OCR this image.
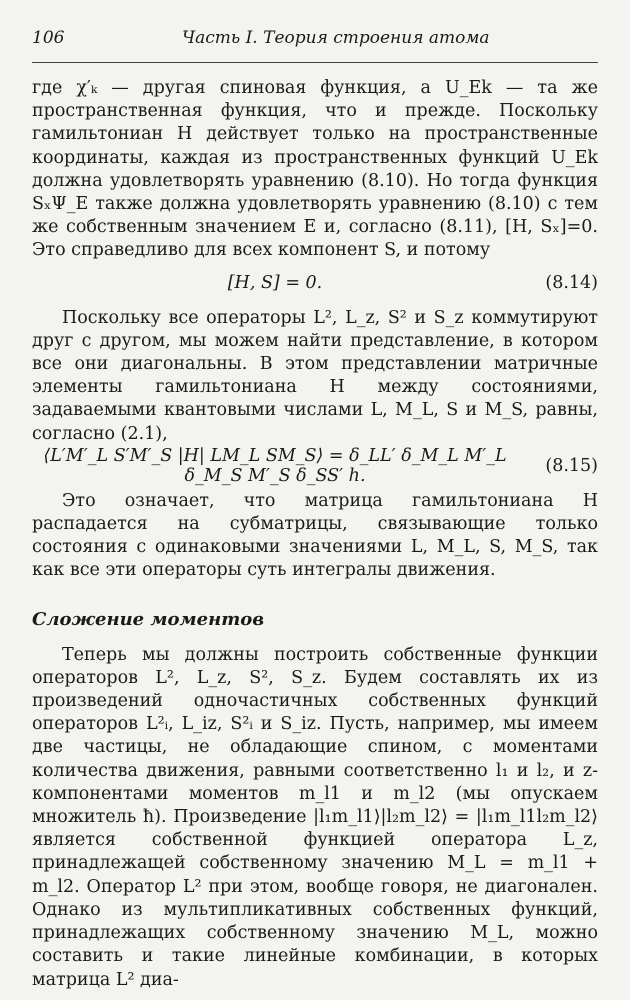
106	Часть I. Теория строения атома

где χ′ₖ — другая спиновая функция, а U_Ek — та же пространственная функция, что и прежде. Поскольку гамильтониан H действует только на пространственные координаты, каждая из пространственных функций U_Ek должна удовлетворять уравнению (8.10). Но тогда функция SₓΨ_E также должна удовлетворять уравнению (8.10) с тем же собственным значением E и, согласно (8.11), [H, Sₓ]=0. Это справедливо для всех компонент S, и потому

[H, S] = 0.	(8.14)

Поскольку все операторы L², L_z, S² и S_z коммутируют друг с другом, мы можем найти представление, в котором все они диагональны. В этом представлении матричные элементы гамильтониана H между состояниями, задаваемыми квантовыми числами L, M_L, S и M_S, равны, согласно (2.1),

⟨L′M′_L S′M′_S |H| LM_L SM_S⟩ = δ_LL′ δ_M_L M′_L δ_M_S M′_S δ_SS′ h.	(8.15)

Это означает, что матрица гамильтониана H распадается на субматрицы, связывающие только состояния с одинаковыми значениями L, M_L, S, M_S, так как все эти операторы суть интегралы движения.

Сложение моментов

Теперь мы должны построить собственные функции операторов L², L_z, S², S_z. Будем составлять их из произведений одночастичных собственных функций операторов L²ᵢ, L_iz, S²ᵢ и S_iz. Пусть, например, мы имеем две частицы, не обладающие спином, с моментами количества движения, равными соответственно l₁ и l₂, и z-компонентами моментов m_l1 и m_l2 (мы опускаем множитель ħ). Произведение |l₁m_l1⟩|l₂m_l2⟩ = |l₁m_l1l₂m_l2⟩ является собственной функцией оператора L_z, принадлежащей собственному значению M_L = m_l1 + m_l2. Оператор L² при этом, вообще говоря, не диагонален. Однако из мультипликативных собственных функций, принадлежащих собственному значению M_L, можно составить и такие линейные комбинации, в которых матрица L² диа-
